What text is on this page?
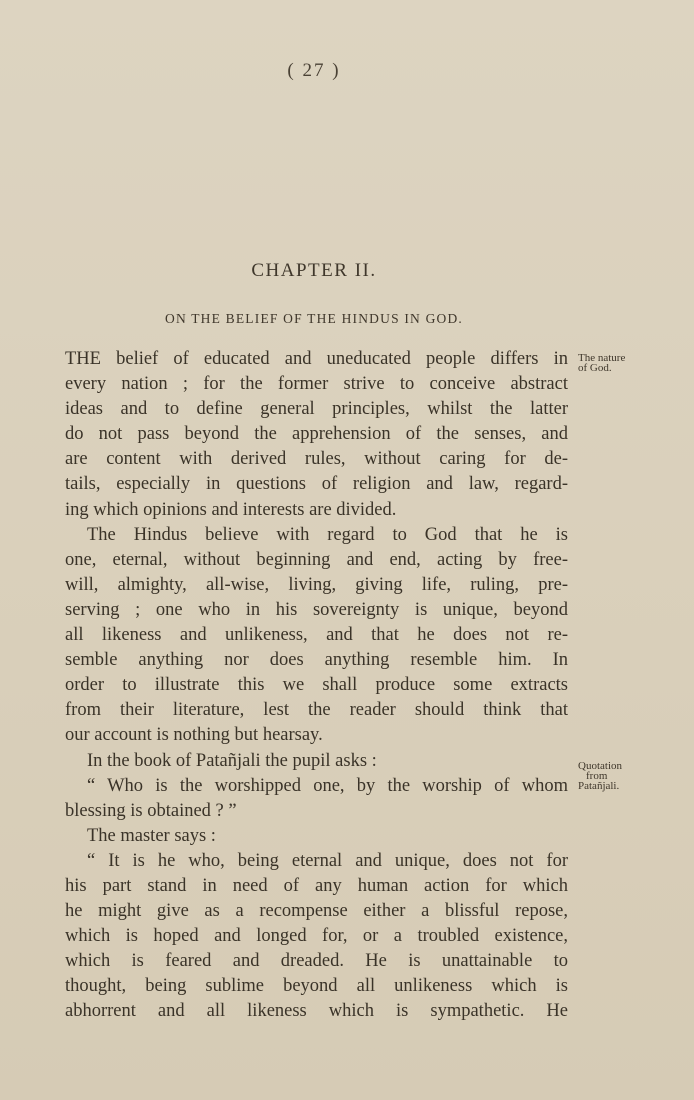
( 27 )
CHAPTER II.
ON THE BELIEF OF THE HINDUS IN GOD.
The nature
of God.
Quotation
from
Patañjali.
THE belief of educated and uneducated people differs in
every nation ; for the former strive to conceive abstract
ideas and to define general principles, whilst the latter
do not pass beyond the apprehension of the senses, and
are content with derived rules, without caring for de-
tails, especially in questions of religion and law, regard-
ing which opinions and interests are divided.
The Hindus believe with regard to God that he is
one, eternal, without beginning and end, acting by free-
will, almighty, all-wise, living, giving life, ruling, pre-
serving ; one who in his sovereignty is unique, beyond
all likeness and unlikeness, and that he does not re-
semble anything nor does anything resemble him. In
order to illustrate this we shall produce some extracts
from their literature, lest the reader should think that
our account is nothing but hearsay.
In the book of Patañjali the pupil asks :
“ Who is the worshipped one, by the worship of whom
blessing is obtained ? ”
The master says :
“ It is he who, being eternal and unique, does not for
his part stand in need of any human action for which
he might give as a recompense either a blissful repose,
which is hoped and longed for, or a troubled existence,
which is feared and dreaded. He is unattainable to
thought, being sublime beyond all unlikeness which is
abhorrent and all likeness which is sympathetic. He
